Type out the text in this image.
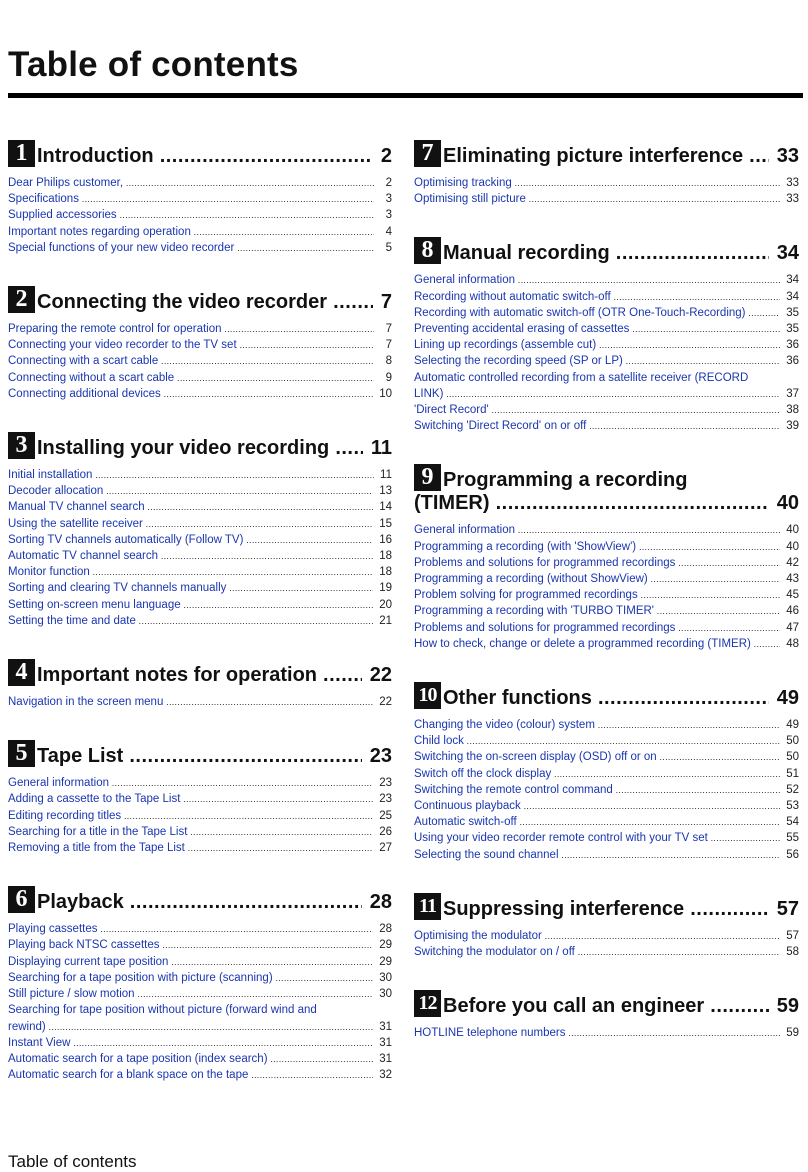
Table of contents
1 Introduction .....	2
Dear Philips customer, .....	2
Specifications .....	3
Supplied accessories .....	3
Important notes regarding operation .....	4
Special functions of your new video recorder .....	5
2 Connecting the video recorder .....	7
Preparing the remote control for operation .....	7
Connecting your video recorder to the TV set .....	7
Connecting with a scart cable .....	8
Connecting without a scart cable .....	9
Connecting additional devices .....	10
3 Installing your video recording .....	11
Initial installation .....	11
Decoder allocation .....	13
Manual TV channel search .....	14
Using the satellite receiver .....	15
Sorting TV channels automatically (Follow TV) .....	16
Automatic TV channel search .....	18
Monitor function .....	18
Sorting and clearing TV channels manually .....	19
Setting on-screen menu language .....	20
Setting the time and date .....	21
4 Important notes for operation .....	22
Navigation in the screen menu .....	22
5 Tape List .....	23
General information .....	23
Adding a cassette to the Tape List .....	23
Editing recording titles .....	25
Searching for a title in the Tape List .....	26
Removing a title from the Tape List .....	27
6 Playback .....	28
Playing cassettes .....	28
Playing back NTSC cassettes .....	29
Displaying current tape position .....	29
Searching for a tape position with picture (scanning) .....	30
Still picture / slow motion .....	30
Searching for tape position without picture (forward wind and
rewind) .....	31
Instant View .....	31
Automatic search for a tape position (index search) .....	31
Automatic search for a blank space on the tape .....	32
7 Eliminating picture interference .....	33
Optimising tracking .....	33
Optimising still picture .....	33
8 Manual recording .....	34
General information .....	34
Recording without automatic switch-off .....	34
Recording with automatic switch-off (OTR One-Touch-Recording) .....	35
Preventing accidental erasing of cassettes .....	35
Lining up recordings (assemble cut) .....	36
Selecting the recording speed (SP or LP) .....	36
Automatic controlled recording from a satellite receiver (RECORD
LINK) .....	37
'Direct Record' .....	38
Switching 'Direct Record' on or off .....	39
9 Programming a recording
(TIMER) .....	40
General information .....	40
Programming a recording (with 'ShowView') .....	40
Problems and solutions for programmed recordings .....	42
Programming a recording (without ShowView) .....	43
Problem solving for programmed recordings .....	45
Programming a recording with 'TURBO TIMER' .....	46
Problems and solutions for programmed recordings .....	47
How to check, change or delete a programmed recording (TIMER) .....	48
10 Other functions .....	49
Changing the video (colour) system .....	49
Child lock .....	50
Switching the on-screen display (OSD) off or on .....	50
Switch off the clock display .....	51
Switching the remote control command .....	52
Continuous playback .....	53
Automatic switch-off .....	54
Using your video recorder remote control with your TV set .....	55
Selecting the sound channel .....	56
11 Suppressing interference .....	57
Optimising the modulator .....	57
Switching the modulator on / off .....	58
12 Before you call an engineer .....	59
HOTLINE telephone numbers .....	59
Table of contents
